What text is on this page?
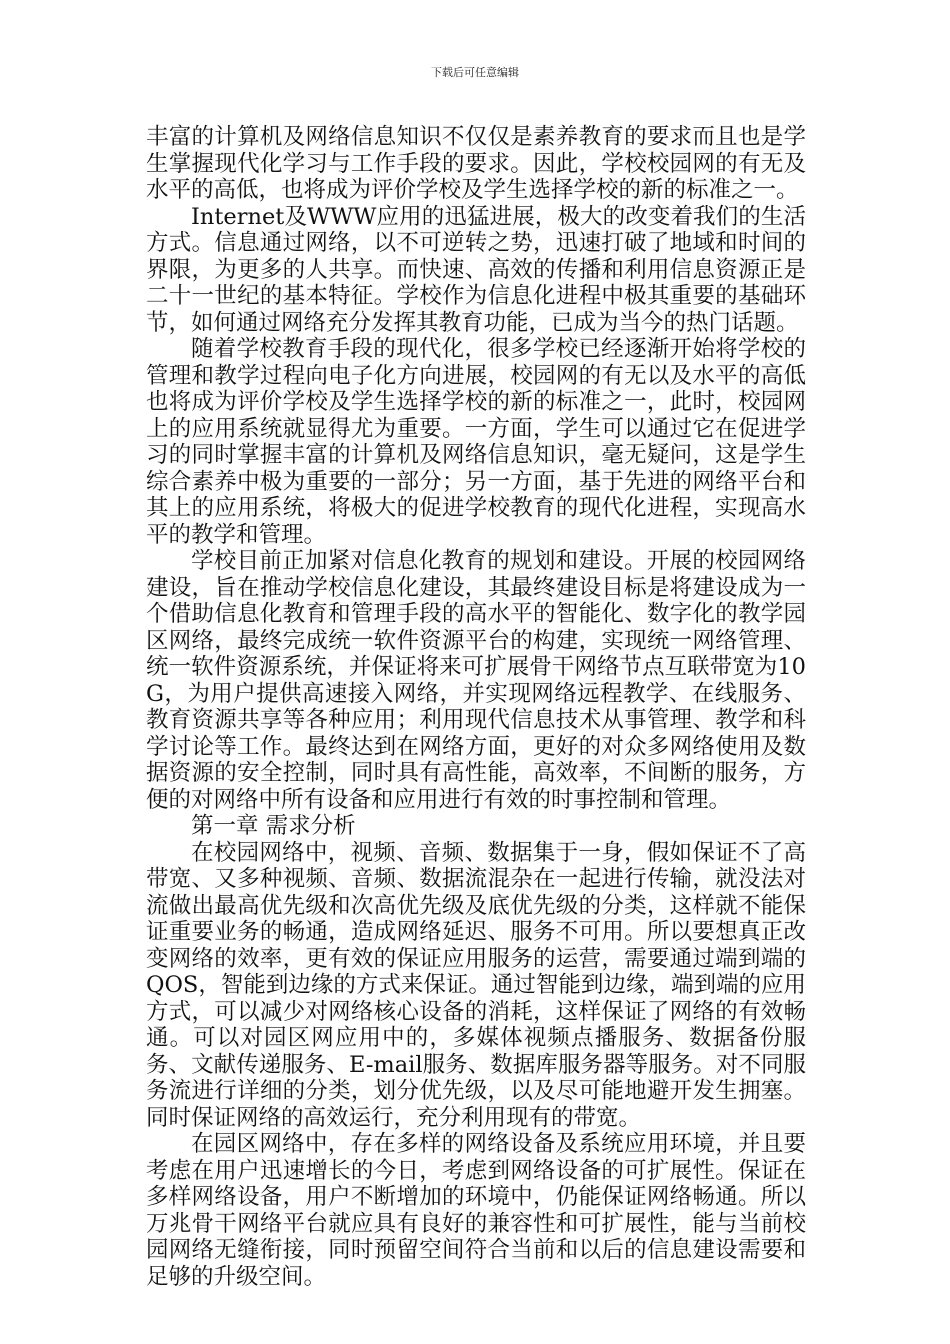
下载后可任意编辑

丰富的计算机及网络信息知识不仅仅是素养教育的要求而且也是学生掌握现代化学习与工作手段的要求。因此，学校校园网的有无及水平的高低，也将成为评价学校及学生选择学校的新的标准之一。

Internet及WWW应用的迅猛进展，极大的改变着我们的生活方式。信息通过网络，以不可逆转之势，迅速打破了地域和时间的界限，为更多的人共享。而快速、高效的传播和利用信息资源正是二十一世纪的基本特征。学校作为信息化进程中极其重要的基础环节，如何通过网络充分发挥其教育功能，已成为当今的热门话题。

随着学校教育手段的现代化，很多学校已经逐渐开始将学校的管理和教学过程向电子化方向进展，校园网的有无以及水平的高低也将成为评价学校及学生选择学校的新的标准之一，此时，校园网上的应用系统就显得尤为重要。一方面，学生可以通过它在促进学习的同时掌握丰富的计算机及网络信息知识，毫无疑问，这是学生综合素养中极为重要的一部分；另一方面，基于先进的网络平台和其上的应用系统，将极大的促进学校教育的现代化进程，实现高水平的教学和管理。

学校目前正加紧对信息化教育的规划和建设。开展的校园网络建设，旨在推动学校信息化建设，其最终建设目标是将建设成为一个借助信息化教育和管理手段的高水平的智能化、数字化的教学园区网络，最终完成统一软件资源平台的构建，实现统一网络管理、统一软件资源系统，并保证将来可扩展骨干网络节点互联带宽为10G，为用户提供高速接入网络，并实现网络远程教学、在线服务、教育资源共享等各种应用；利用现代信息技术从事管理、教学和科学讨论等工作。最终达到在网络方面，更好的对众多网络使用及数据资源的安全控制，同时具有高性能，高效率，不间断的服务，方便的对网络中所有设备和应用进行有效的时事控制和管理。

第一章 需求分析

在校园网络中，视频、音频、数据集于一身，假如保证不了高带宽、又多种视频、音频、数据流混杂在一起进行传输，就没法对流做出最高优先级和次高优先级及底优先级的分类，这样就不能保证重要业务的畅通，造成网络延迟、服务不可用。所以要想真正改变网络的效率，更有效的保证应用服务的运营，需要通过端到端的QOS，智能到边缘的方式来保证。通过智能到边缘，端到端的应用方式，可以减少对网络核心设备的消耗，这样保证了网络的有效畅通。可以对园区网应用中的，多媒体视频点播服务、数据备份服务、文献传递服务、E-mail服务、数据库服务器等服务。对不同服务流进行详细的分类，划分优先级，以及尽可能地避开发生拥塞。同时保证网络的高效运行，充分利用现有的带宽。

在园区网络中，存在多样的网络设备及系统应用环境，并且要考虑在用户迅速增长的今日，考虑到网络设备的可扩展性。保证在多样网络设备，用户不断增加的环境中，仍能保证网络畅通。所以万兆骨干网络平台就应具有良好的兼容性和可扩展性，能与当前校园网络无缝衔接，同时预留空间符合当前和以后的信息建设需要和足够的升级空间。
